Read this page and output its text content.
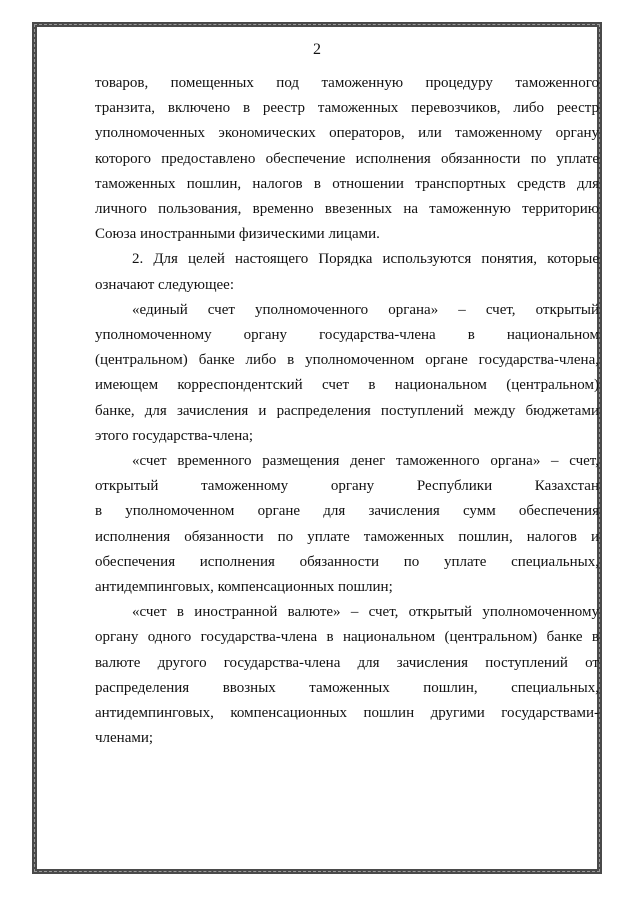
2

товаров, помещенных под таможенную процедуру таможенного
транзита, включено в реестр таможенных перевозчиков, либо реестр
уполномоченных экономических операторов, или таможенному органу
которого предоставлено обеспечение исполнения обязанности по уплате
таможенных пошлин, налогов в отношении транспортных средств для
личного пользования, временно ввезенных на таможенную территорию
Союза иностранными физическими лицами.

2. Для целей настоящего Порядка используются понятия, которые
означают следующее:

«единый счет уполномоченного органа» – счет, открытый
уполномоченному органу государства-члена в национальном
(центральном) банке либо в уполномоченном органе государства-члена,
имеющем корреспондентский счет в национальном (центральном)
банке, для зачисления и распределения поступлений между бюджетами
этого государства-члена;

«счет временного размещения денег таможенного органа» – счет,
открытый таможенному органу Республики Казахстан
в уполномоченном органе для зачисления сумм обеспечения
исполнения обязанности по уплате таможенных пошлин, налогов и
обеспечения исполнения обязанности по уплате специальных,
антидемпинговых, компенсационных пошлин;

«счет в иностранной валюте» – счет, открытый уполномоченному
органу одного государства-члена в национальном (центральном) банке в
валюте другого государства-члена для зачисления поступлений от
распределения ввозных таможенных пошлин, специальных,
антидемпинговых, компенсационных пошлин другими государствами-
членами;
